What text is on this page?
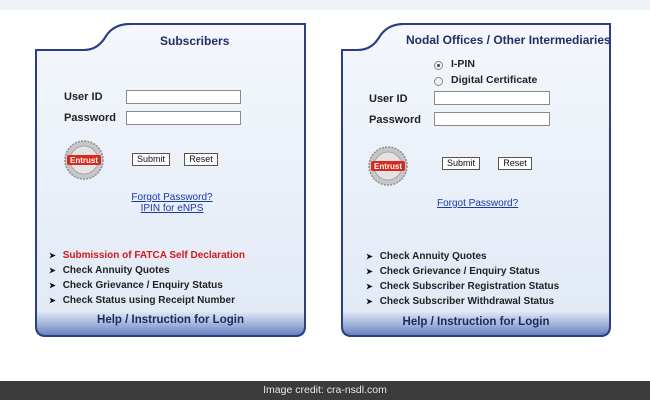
Subscribers
User ID
Password
Entrust	Submit	Reset
Forgot Password?
IPIN for eNPS
➤ Submission of FATCA Self Declaration
➤ Check Annuity Quotes
➤ Check Grievance / Enquiry Status
➤ Check Status using Receipt Number
Help / Instruction for Login
Nodal Offices / Other Intermediaries
I-PIN
Digital Certificate
User ID
Password
Entrust	Submit	Reset
Forgot Password?
➤ Check Annuity Quotes
➤ Check Grievance / Enquiry Status
➤ Check Subscriber Registration Status
➤ Check Subscriber Withdrawal Status
Help / Instruction for Login
Image credit: cra-nsdl.com
